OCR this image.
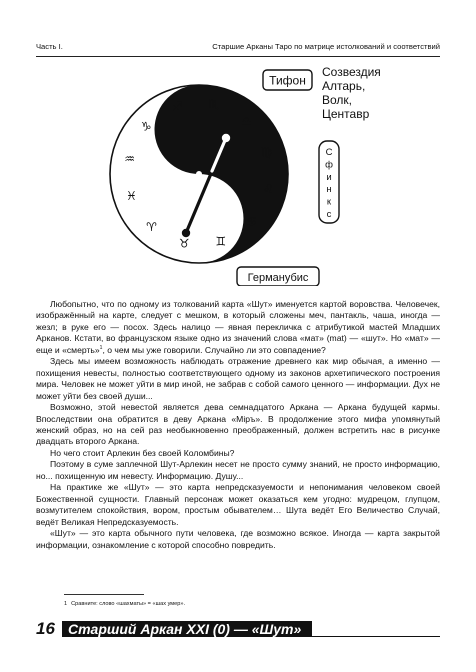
Часть I.	Старшие Арканы Таро по матрице истолкований и соответствий
♐
♑
♒
♓
♈
♉ ♊
♋
♌
♍
♎
♏
Тифон
Созвездия Алтарь, Волк, Центавр
С
ф
и
н
к
с
Германубис

Любопытно, что по одному из толкований карта «Шут» именуется картой воровства. Человечек, изображённый на карте, следует с мешком, в который сложены меч, пантакль, чаша, иногда — жезл; в руке его — посох. Здесь налицо — явная перекличка с атрибутикой мастей Младших Арканов. Кстати, во французском языке одно из значений слова «мат» (mat) — «шут». Но «мат» — еще и «смерть»$^1$, о чем мы уже говорили. Случайно ли это совпадение?

Здесь мы имеем возможность наблюдать отражение древнего как мир обычая, а именно — похищения невесты, полностью соответствующего одному из законов архетипического построения мира. Человек не может уйти в мир иной, не забрав с собой самого ценного — информации. Дух не может уйти без своей души...

Возможно, этой невестой является дева семнадцатого Аркана — Аркана будущей кармы. Впоследствии она обратится в деву Аркана «Міръ». В продолжение этого мифа упомянутый женский образ, но на сей раз необыкновенно преображенный, должен встретить нас в рисунке двадцать второго Аркана.

Но чего стоит Арлекин без своей Коломбины?

Поэтому в суме заплечной Шут-Арлекин несет не просто сумму знаний, не просто информацию, но... похищенную им невесту. Информацию. Душу...

На практике же «Шут» — это карта непредсказуемости и непонимания человеком своей Божественной сущности. Главный персонаж может оказаться кем угодно: мудрецом, глупцом, возмутителем спокойствия, вором, простым обывателем… Шута ведёт Его Величество Случай, ведёт Великая Непредсказуемость.

«Шут» — это карта обычного пути человека, где возможно всякое. Иногда — карта закрытой информации, ознакомление с которой способно повредить.

1 Сравните: слово «шахматы» = «шах умер».
16 Старший Аркан XXI (0) — «Шут»
